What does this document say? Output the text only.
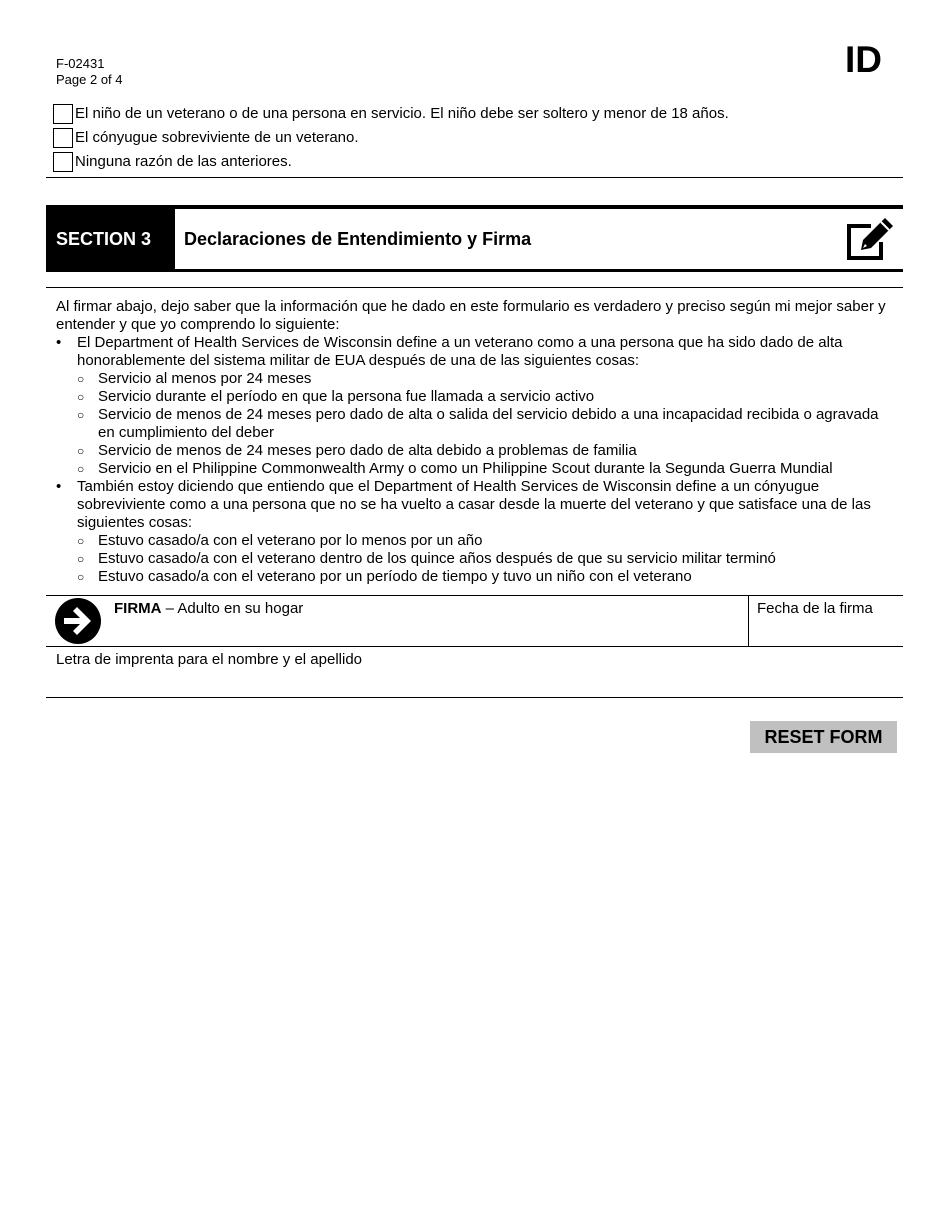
F-02431
Page 2 of 4	ID
El niño de un veterano o de una persona en servicio. El niño debe ser soltero y menor de 18 años.
El cónyugue sobreviviente de un veterano.
Ninguna razón de las anteriores.
SECTION 3	Declaraciones de Entendimiento y Firma

Al firmar abajo, dejo saber que la información que he dado en este formulario es verdadero y preciso según mi mejor saber y entender y que yo comprendo lo siguiente:

• El Department of Health Services de Wisconsin define a un veterano como a una persona que ha sido dado de alta honorablemente del sistema militar de EUA después de una de las siguientes cosas:
○ Servicio al menos por 24 meses
○ Servicio durante el período en que la persona fue llamada a servicio activo
○ Servicio de menos de 24 meses pero dado de alta o salida del servicio debido a una incapacidad recibida o agravada en cumplimiento del deber
○ Servicio de menos de 24 meses pero dado de alta debido a problemas de familia
○ Servicio en el Philippine Commonwealth Army o como un Philippine Scout durante la Segunda Guerra Mundial
• También estoy diciendo que entiendo que el Department of Health Services de Wisconsin define a un cónyugue sobreviviente como a una persona que no se ha vuelto a casar desde la muerte del veterano y que satisface una de las siguientes cosas:
○ Estuvo casado/a con el veterano por lo menos por un año
○ Estuvo casado/a con el veterano dentro de los quince años después de que su servicio militar terminó
○ Estuvo casado/a con el veterano por un período de tiempo y tuvo un niño con el veterano
FIRMA – Adulto en su hogar	Fecha de la firma
Letra de imprenta para el nombre y el apellido
RESET FORM
